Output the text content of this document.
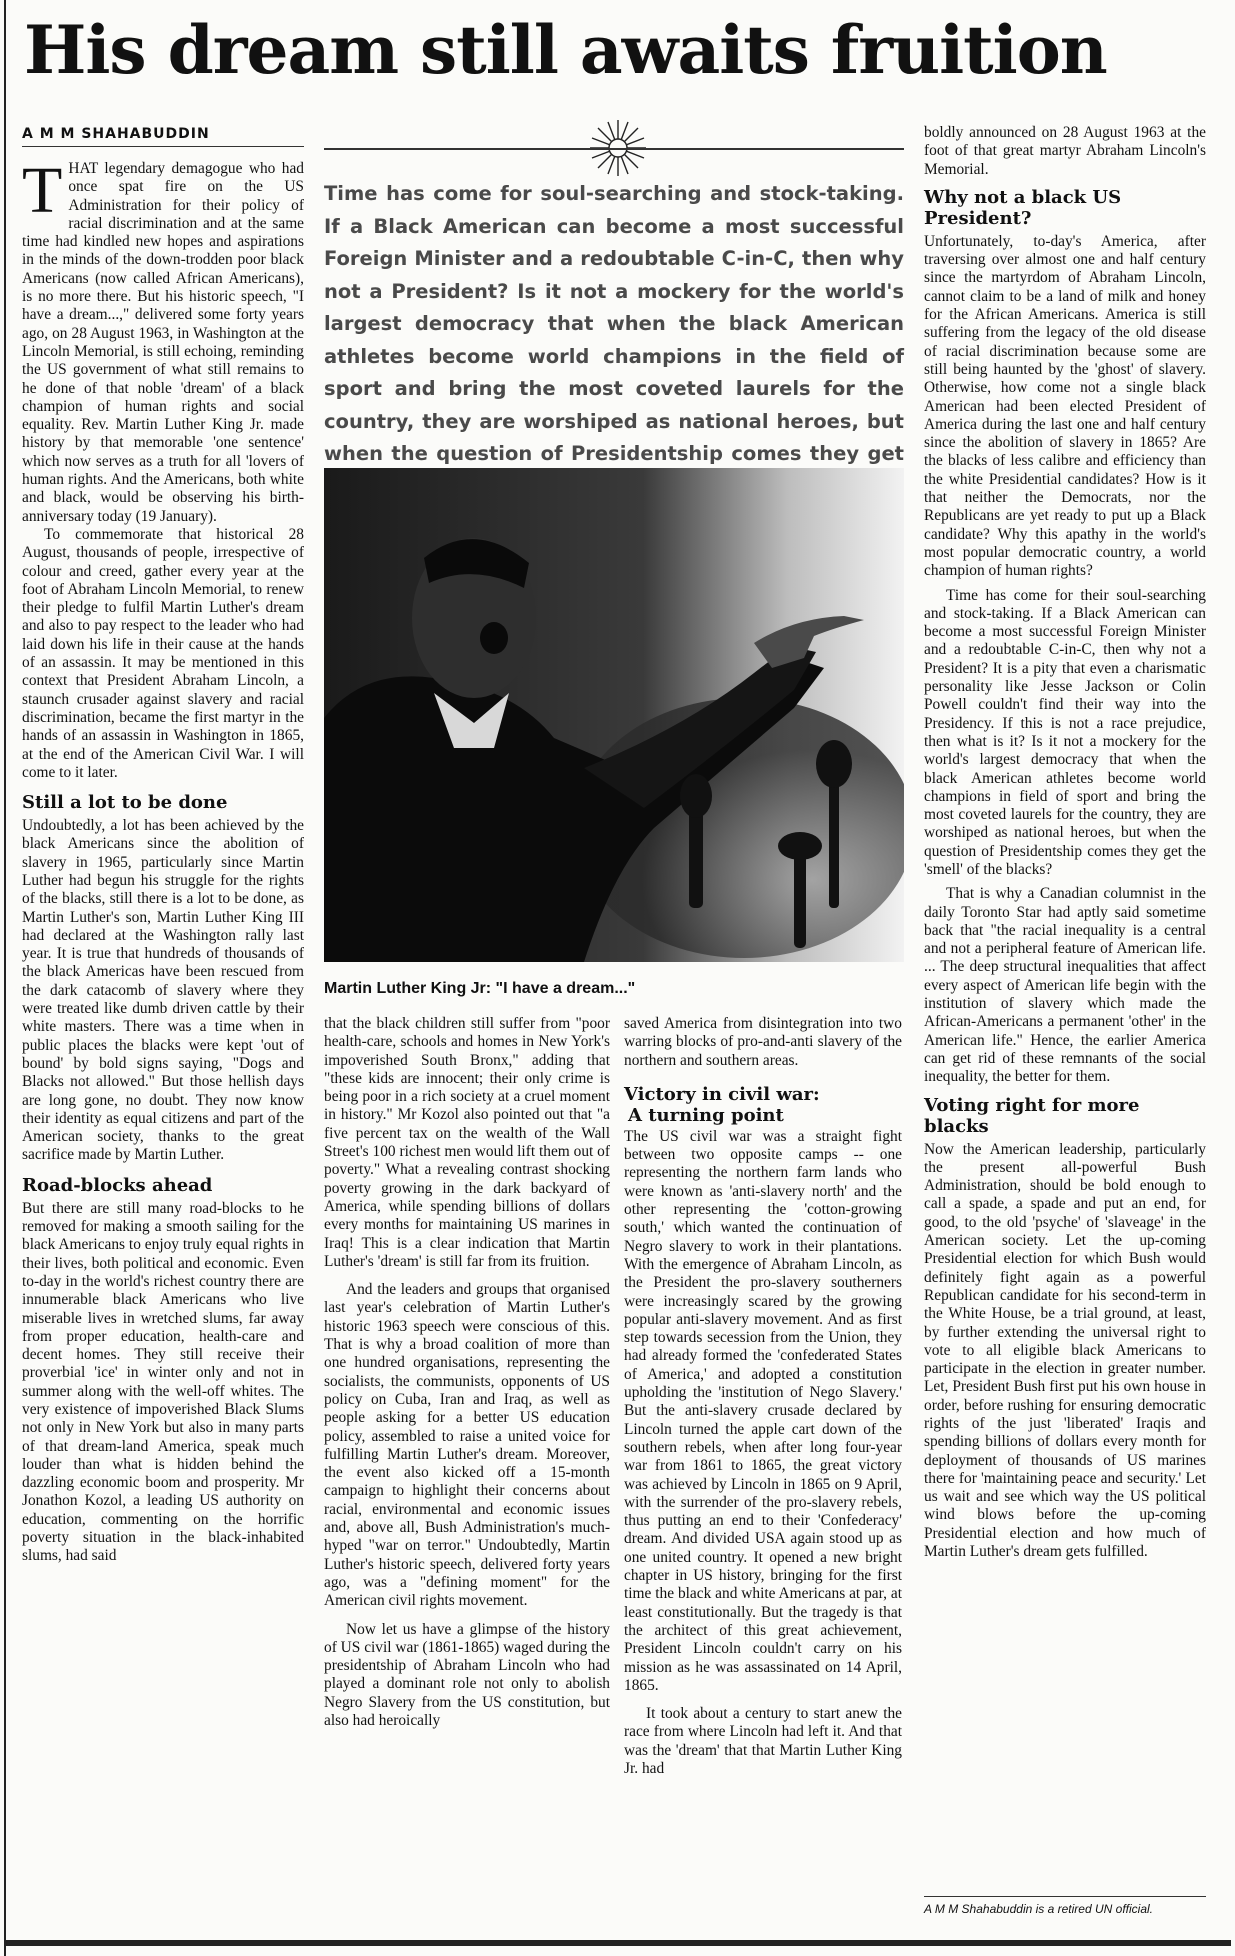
His dream still awaits fruition
A M M SHAHABUDDIN

THAT legendary demagogue who had once spat fire on the US Administration for their policy of racial discrimination and at the same time had kindled new hopes and aspirations in the minds of the down-trodden poor black Americans (now called African Americans), is no more there. But his historic speech, "I have a dream...," delivered some forty years ago, on 28 August 1963, in Washington at the Lincoln Memorial, is still echoing, reminding the US government of what still remains to he done of that noble 'dream' of a black champion of human rights and social equality. Rev. Martin Luther King Jr. made history by that memorable 'one sentence' which now serves as a truth for all 'lovers of human rights. And the Americans, both white and black, would be observing his birth-anniversary today (19 January).

To commemorate that historical 28 August, thousands of people, irrespective of colour and creed, gather every year at the foot of Abraham Lincoln Memorial, to renew their pledge to fulfil Martin Luther's dream and also to pay respect to the leader who had laid down his life in their cause at the hands of an assassin. It may be mentioned in this context that President Abraham Lincoln, a staunch crusader against slavery and racial discrimination, became the first martyr in the hands of an assassin in Washington in 1865, at the end of the American Civil War. I will come to it later.

Still a lot to be done

Undoubtedly, a lot has been achieved by the black Americans since the abolition of slavery in 1965, particularly since Martin Luther had begun his struggle for the rights of the blacks, still there is a lot to be done, as Martin Luther's son, Martin Luther King III had declared at the Washington rally last year. It is true that hundreds of thousands of the black Americas have been rescued from the dark catacomb of slavery where they were treated like dumb driven cattle by their white masters. There was a time when in public places the blacks were kept 'out of bound' by bold signs saying, "Dogs and Blacks not allowed." But those hellish days are long gone, no doubt. They now know their identity as equal citizens and part of the American society, thanks to the great sacrifice made by Martin Luther.

Road-blocks ahead

But there are still many road-blocks to he removed for making a smooth sailing for the black Americans to enjoy truly equal rights in their lives, both political and economic. Even to-day in the world's richest country there are innumerable black Americans who live miserable lives in wretched slums, far away from proper education, health-care and decent homes. They still receive their proverbial 'ice' in winter only and not in summer along with the well-off whites. The very existence of impoverished Black Slums not only in New York but also in many parts of that dream-land America, speak much louder than what is hidden behind the dazzling economic boom and prosperity. Mr Jonathon Kozol, a leading US authority on education, commenting on the horrific poverty situation in the black-inhabited slums, had said

Time has come for soul-searching and stock-taking. If a Black American can become a most successful Foreign Minister and a redoubtable C-in-C, then why not a President? Is it not a mockery for the world's largest democracy that when the black American athletes become world champions in the field of sport and bring the most coveted laurels for the country, they are worshiped as national heroes, but when the question of Presidentship comes they get

Martin Luther King Jr: "I have a dream..."

that the black children still suffer from "poor health-care, schools and homes in New York's impoverished South Bronx," adding that "these kids are innocent; their only crime is being poor in a rich society at a cruel moment in history." Mr Kozol also pointed out that "a five percent tax on the wealth of the Wall Street's 100 richest men would lift them out of poverty." What a revealing contrast shocking poverty growing in the dark backyard of America, while spending billions of dollars every months for maintaining US marines in Iraq! This is a clear indication that Martin Luther's 'dream' is still far from its fruition.

And the leaders and groups that organised last year's celebration of Martin Luther's historic 1963 speech were conscious of this. That is why a broad coalition of more than one hundred organisations, representing the socialists, the communists, opponents of US policy on Cuba, Iran and Iraq, as well as people asking for a better US education policy, assembled to raise a united voice for fulfilling Martin Luther's dream. Moreover, the event also kicked off a 15-month campaign to highlight their concerns about racial, environmental and economic issues and, above all, Bush Administration's much-hyped "war on terror." Undoubtedly, Martin Luther's historic speech, delivered forty years ago, was a "defining moment" for the American civil rights movement.

Now let us have a glimpse of the history of US civil war (1861-1865) waged during the presidentship of Abraham Lincoln who had played a dominant role not only to abolish Negro Slavery from the US constitution, but also had heroically

saved America from disintegration into two warring blocks of pro-and-anti slavery of the northern and southern areas.

Victory in civil war:
A turning point

The US civil war was a straight fight between two opposite camps -- one representing the northern farm lands who were known as 'anti-slavery north' and the other representing the 'cotton-growing south,' which wanted the continuation of Negro slavery to work in their plantations. With the emergence of Abraham Lincoln, as the President the pro-slavery southerners were increasingly scared by the growing popular anti-slavery movement. And as first step towards secession from the Union, they had already formed the 'confederated States of America,' and adopted a constitution upholding the 'institution of Nego Slavery.' But the anti-slavery crusade declared by Lincoln turned the apple cart down of the southern rebels, when after long four-year war from 1861 to 1865, the great victory was achieved by Lincoln in 1865 on 9 April, with the surrender of the pro-slavery rebels, thus putting an end to their 'Confederacy' dream. And divided USA again stood up as one united country. It opened a new bright chapter in US history, bringing for the first time the black and white Americans at par, at least constitutionally. But the tragedy is that the architect of this great achievement, President Lincoln couldn't carry on his mission as he was assassinated on 14 April, 1865.

It took about a century to start anew the race from where Lincoln had left it. And that was the 'dream' that that Martin Luther King Jr. had

boldly announced on 28 August 1963 at the foot of that great martyr Abraham Lincoln's Memorial.

Why not a black US President?

Unfortunately, to-day's America, after traversing over almost one and half century since the martyrdom of Abraham Lincoln, cannot claim to be a land of milk and honey for the African Americans. America is still suffering from the legacy of the old disease of racial discrimination because some are still being haunted by the 'ghost' of slavery. Otherwise, how come not a single black American had been elected President of America during the last one and half century since the abolition of slavery in 1865? Are the blacks of less calibre and efficiency than the white Presidential candidates? How is it that neither the Democrats, nor the Republicans are yet ready to put up a Black candidate? Why this apathy in the world's most popular democratic country, a world champion of human rights?

Time has come for their soul-searching and stock-taking. If a Black American can become a most successful Foreign Minister and a redoubtable C-in-C, then why not a President? It is a pity that even a charismatic personality like Jesse Jackson or Colin Powell couldn't find their way into the Presidency. If this is not a race prejudice, then what is it? Is it not a mockery for the world's largest democracy that when the black American athletes become world champions in field of sport and bring the most coveted laurels for the country, they are worshiped as national heroes, but when the question of Presidentship comes they get the 'smell' of the blacks?

That is why a Canadian columnist in the daily Toronto Star had aptly said sometime back that "the racial inequality is a central and not a peripheral feature of American life. ... The deep structural inequalities that affect every aspect of American life begin with the institution of slavery which made the African-Americans a permanent 'other' in the American life." Hence, the earlier America can get rid of these remnants of the social inequality, the better for them.

Voting right for more blacks

Now the American leadership, particularly the present all-powerful Bush Administration, should be bold enough to call a spade, a spade and put an end, for good, to the old 'psyche' of 'slaveage' in the American society. Let the up-coming Presidential election for which Bush would definitely fight again as a powerful Republican candidate for his second-term in the White House, be a trial ground, at least, by further extending the universal right to vote to all eligible black Americans to participate in the election in greater number. Let, President Bush first put his own house in order, before rushing for ensuring democratic rights of the just 'liberated' Iraqis and spending billions of dollars every month for deployment of thousands of US marines there for 'maintaining peace and security.' Let us wait and see which way the US political wind blows before the up-coming Presidential election and how much of Martin Luther's dream gets fulfilled.

A M M Shahabuddin is a retired UN official.
